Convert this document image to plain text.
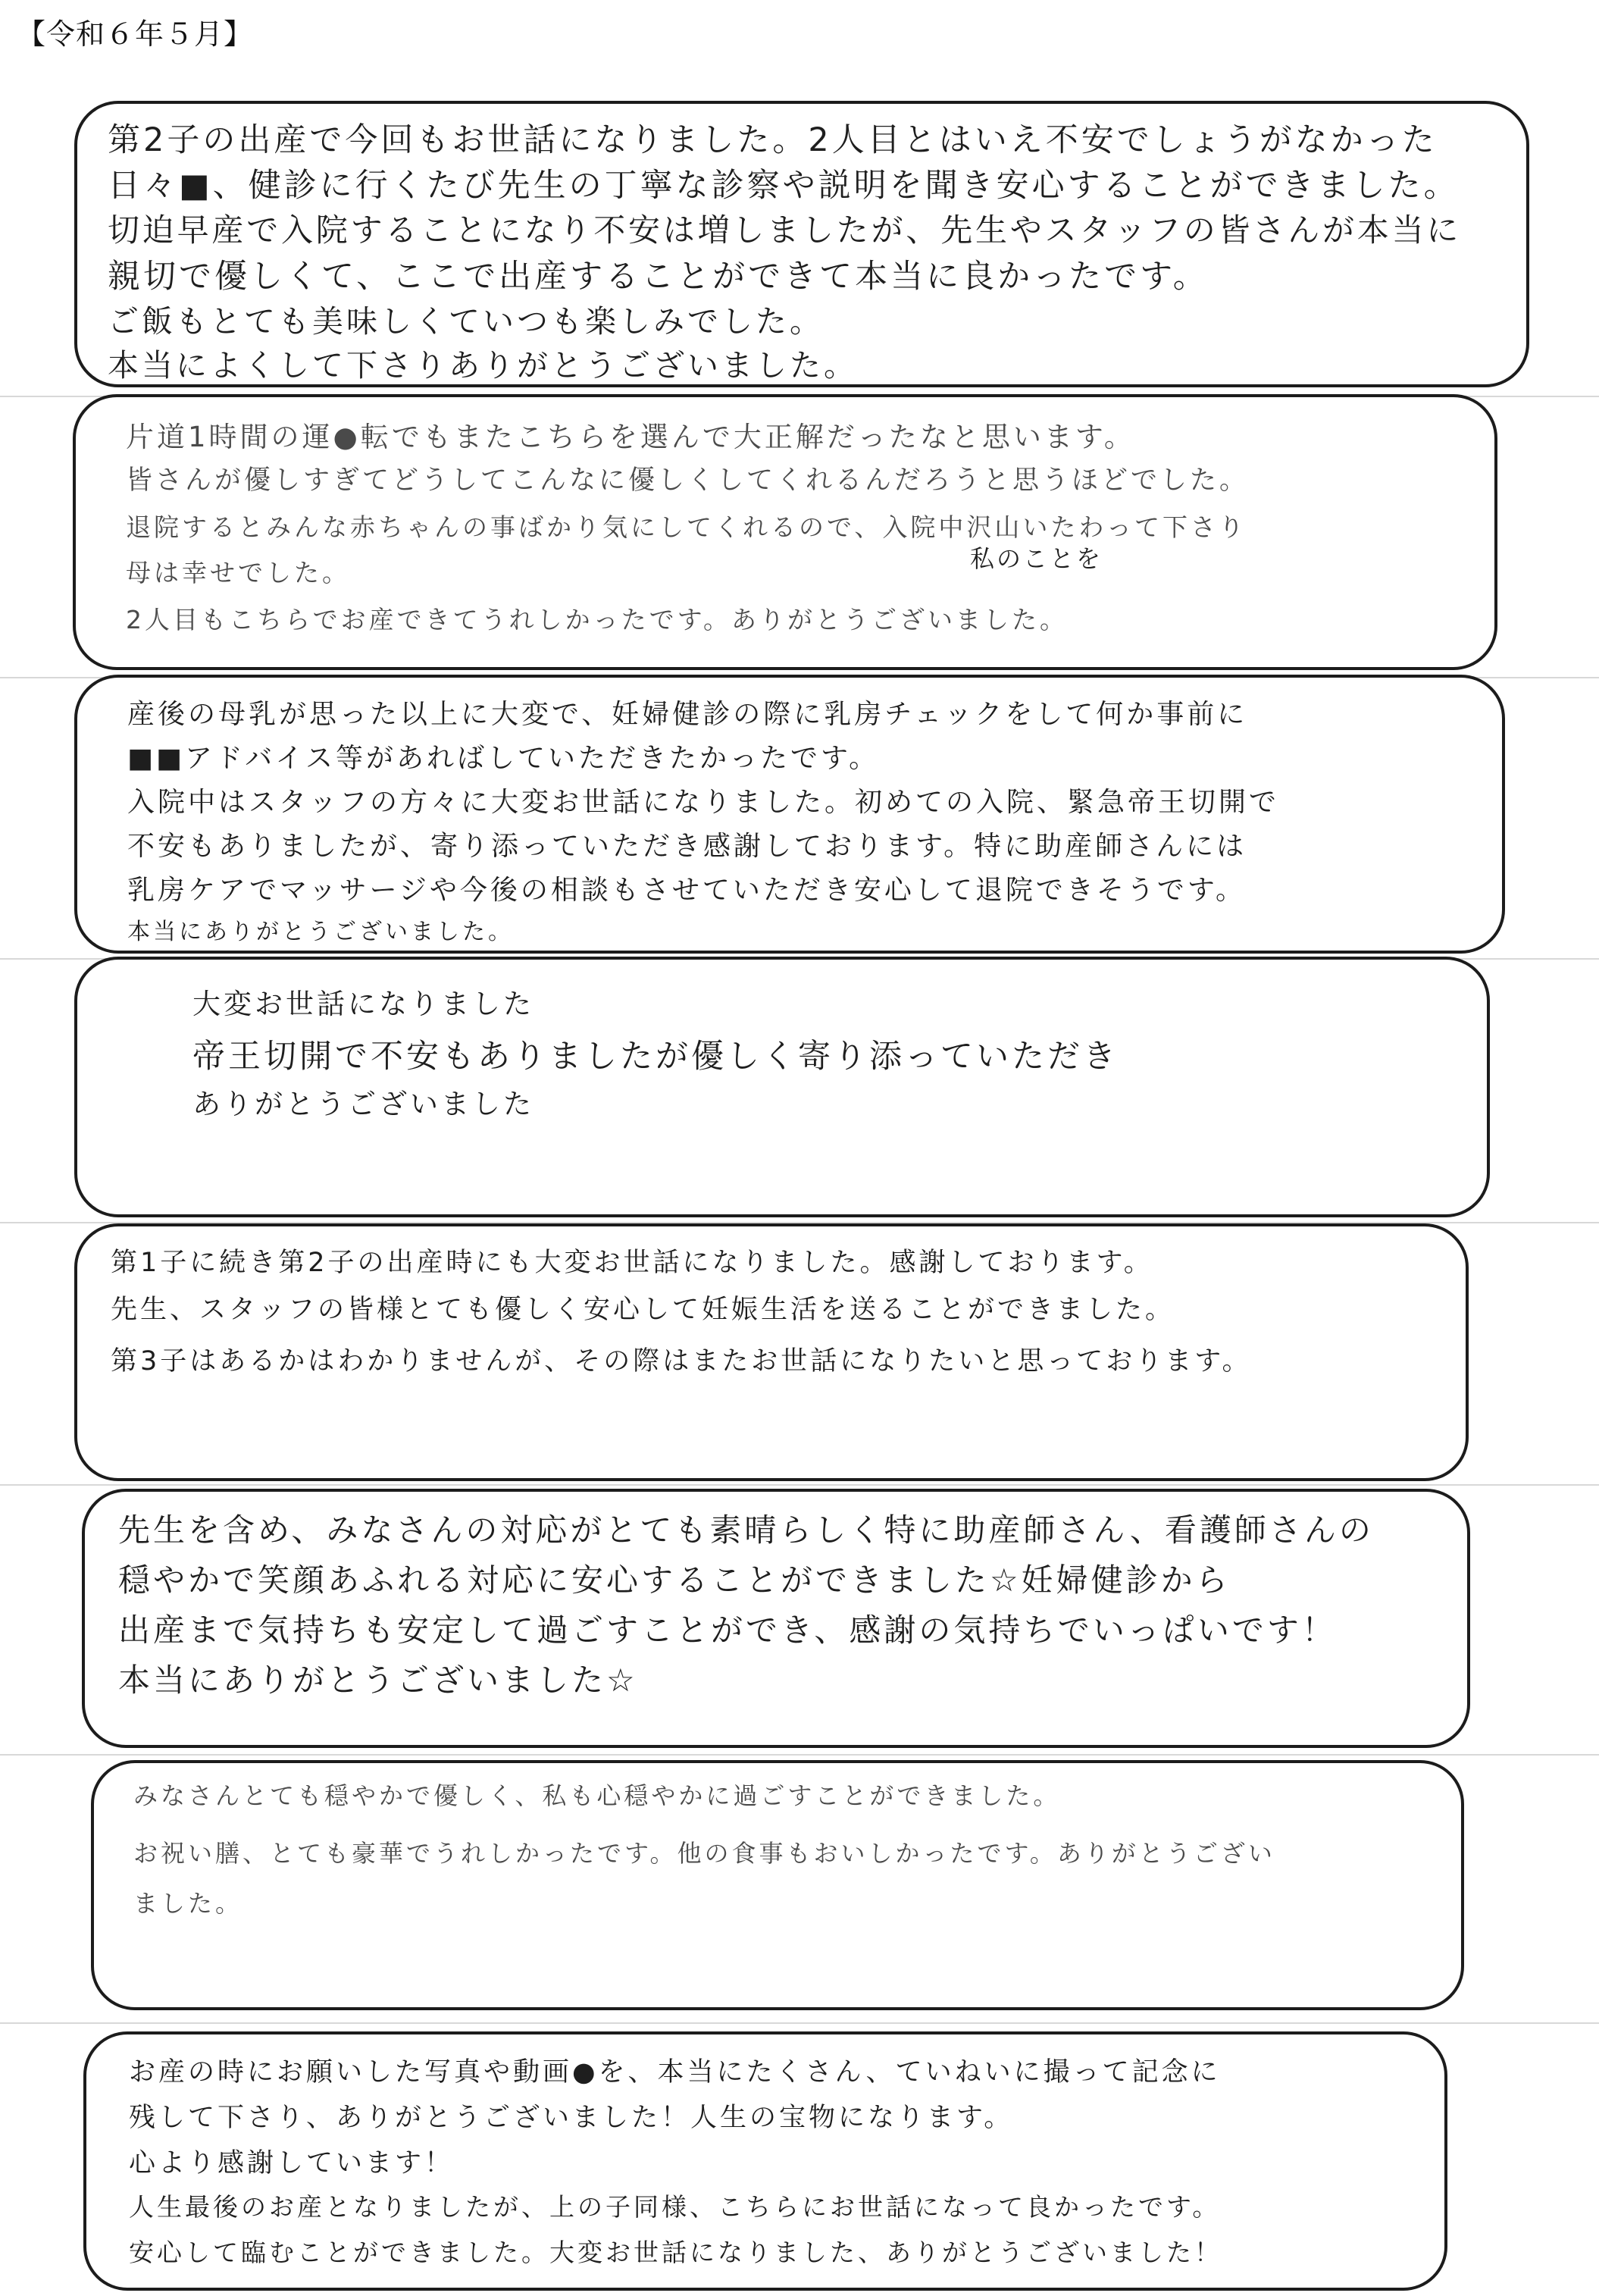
【令和６年５月】
第2子の出産で今回もお世話になりました。2人目とはいえ不安でしょうがなかった
日々■、健診に行くたび先生の丁寧な診察や説明を聞き安心することができました。
切迫早産で入院することになり不安は増しましたが、先生やスタッフの皆さんが本当に
親切で優しくて、ここで出産することができて本当に良かったです。
ご飯もとても美味しくていつも楽しみでした。
本当によくして下さりありがとうございました。
片道1時間の運●転でもまたこちらを選んで大正解だったなと思います。
皆さんが優しすぎてどうしてこんなに優しくしてくれるんだろうと思うほどでした。
退院するとみんな赤ちゃんの事ばかり気にしてくれるので、入院中沢山いたわって下さり
私のことを
母は幸せでした。
2人目もこちらでお産できてうれしかったです。ありがとうございました。
産後の母乳が思った以上に大変で、妊婦健診の際に乳房チェックをして何か事前に
■■アドバイス等があればしていただきたかったです。
入院中はスタッフの方々に大変お世話になりました。初めての入院、緊急帝王切開で
不安もありましたが、寄り添っていただき感謝しております。特に助産師さんには
乳房ケアでマッサージや今後の相談もさせていただき安心して退院できそうです。
本当にありがとうございました。
大変お世話になりました
帝王切開で不安もありましたが優しく寄り添っていただき
ありがとうございました
第1子に続き第2子の出産時にも大変お世話になりました。感謝しております。
先生、スタッフの皆様とても優しく安心して妊娠生活を送ることができました。
第3子はあるかはわかりませんが、その際はまたお世話になりたいと思っております。
先生を含め、みなさんの対応がとても素晴らしく特に助産師さん、看護師さんの
穏やかで笑顔あふれる対応に安心することができました☆妊婦健診から
出産まで気持ちも安定して過ごすことができ、感謝の気持ちでいっぱいです！
本当にありがとうございました☆
みなさんとても穏やかで優しく、私も心穏やかに過ごすことができました。
お祝い膳、とても豪華でうれしかったです。他の食事もおいしかったです。ありがとうござい
ました。
お産の時にお願いした写真や動画●を、本当にたくさん、ていねいに撮って記念に
残して下さり、ありがとうございました！人生の宝物になります。
心より感謝しています！
人生最後のお産となりましたが、上の子同様、こちらにお世話になって良かったです。
安心して臨むことができました。大変お世話になりました、ありがとうございました！
